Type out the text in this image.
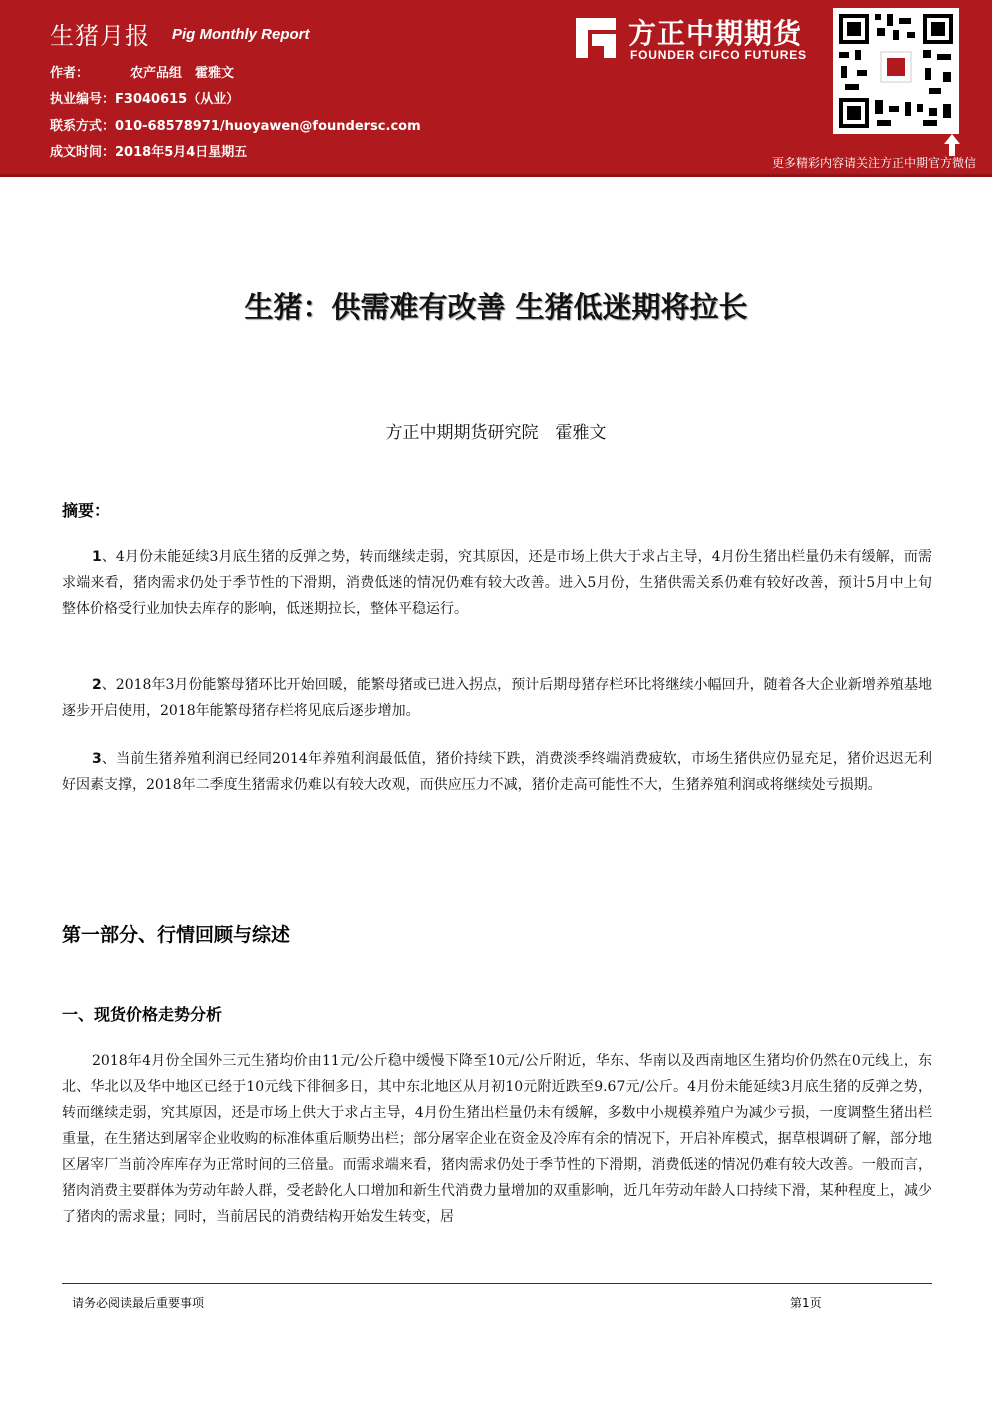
生猪月报 Pig Monthly Report
作者：	农产品组　霍雅文
执业编号：F3040615（从业）
联系方式：010-68578971/huoyawen@foundersc.com
成文时间：2018年5月4日星期五
方正中期期货
FOUNDER CIFCO FUTURES
更多精彩内容请关注方正中期官方微信
生猪：供需难有改善 生猪低迷期将拉长
方正中期期货研究院　霍雅文
摘要：
1、4月份未能延续3月底生猪的反弹之势，转而继续走弱，究其原因，还是市场上供大于求占主导，4月份生猪出栏量仍未有缓解，而需求端来看，猪肉需求仍处于季节性的下滑期，消费低迷的情况仍难有较大改善。进入5月份，生猪供需关系仍难有较好改善，预计5月中上旬整体价格受行业加快去库存的影响，低迷期拉长，整体平稳运行。
2、2018年3月份能繁母猪环比开始回暖，能繁母猪或已进入拐点，预计后期母猪存栏环比将继续小幅回升，随着各大企业新增养殖基地逐步开启使用，2018年能繁母猪存栏将见底后逐步增加。
3、当前生猪养殖利润已经同2014年养殖利润最低值，猪价持续下跌，消费淡季终端消费疲软，市场生猪供应仍显充足，猪价迟迟无利好因素支撑，2018年二季度生猪需求仍难以有较大改观，而供应压力不减，猪价走高可能性不大，生猪养殖利润或将继续处亏损期。
第一部分、行情回顾与综述
一、现货价格走势分析
2018年4月份全国外三元生猪均价由11元/公斤稳中缓慢下降至10元/公斤附近，华东、华南以及西南地区生猪均价仍然在0元线上，东北、华北以及华中地区已经于10元线下徘徊多日，其中东北地区从月初10元附近跌至9.67元/公斤。4月份未能延续3月底生猪的反弹之势，转而继续走弱，究其原因，还是市场上供大于求占主导，4月份生猪出栏量仍未有缓解，多数中小规模养殖户为减少亏损，一度调整生猪出栏重量，在生猪达到屠宰企业收购的标准体重后顺势出栏；部分屠宰企业在资金及冷库有余的情况下，开启补库模式，据草根调研了解，部分地区屠宰厂当前冷库库存为正常时间的三倍量。而需求端来看，猪肉需求仍处于季节性的下滑期，消费低迷的情况仍难有较大改善。一般而言，猪肉消费主要群体为劳动年龄人群，受老龄化人口增加和新生代消费力量增加的双重影响，近几年劳动年龄人口持续下滑，某种程度上，减少了猪肉的需求量；同时，当前居民的消费结构开始发生转变，居
请务必阅读最后重要事项	第1页
